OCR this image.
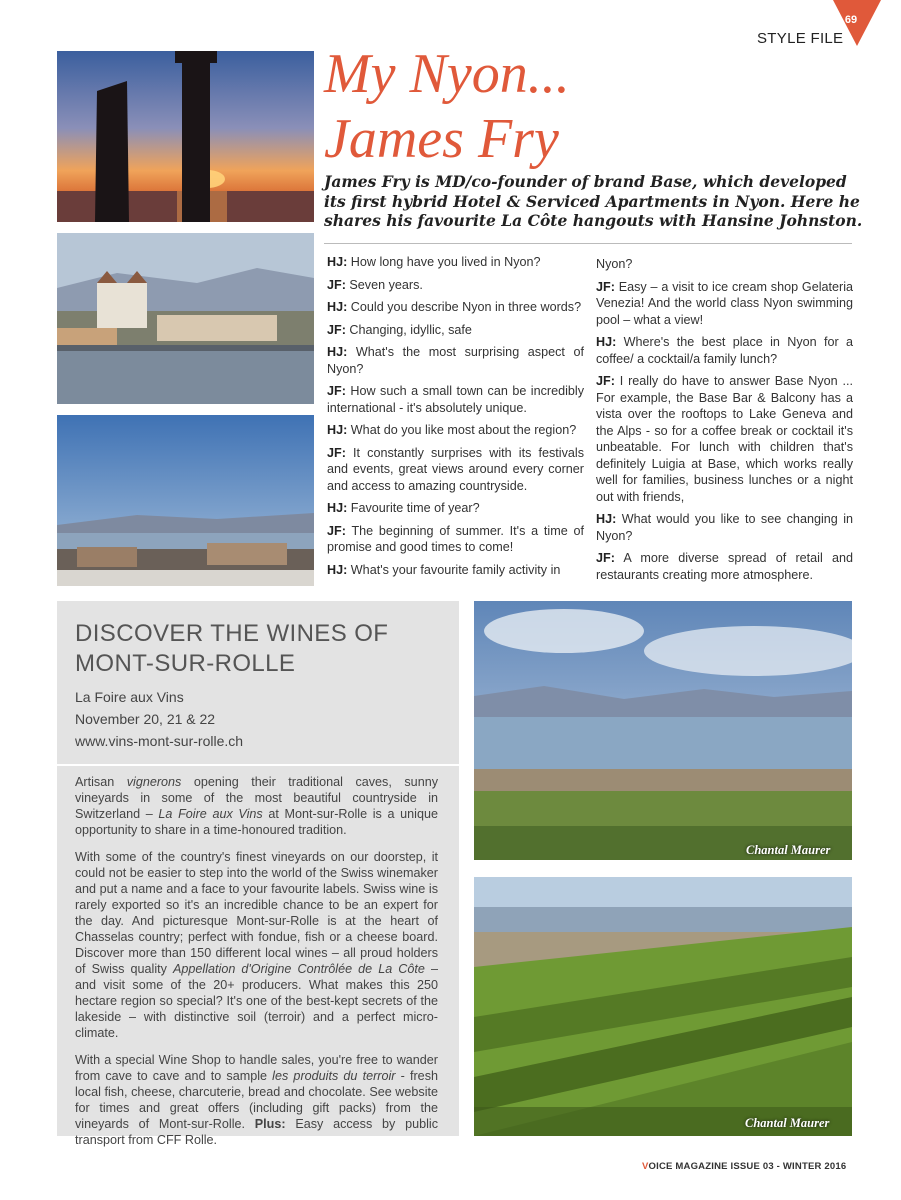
STYLE FILE
69
My Nyon...
James Fry
James Fry is MD/co-founder of brand Base, which developed its first hybrid Hotel & Serviced Apartments in Nyon. Here he shares his favourite La Côte hangouts with Hansine Johnston.

HJ: How long have you lived in Nyon?

JF: Seven years.

HJ: Could you describe Nyon in three words?

JF: Changing, idyllic, safe

HJ: What's the most surprising aspect of Nyon?

JF: How such a small town can be incredibly international - it's absolutely unique.

HJ: What do you like most about the region?

JF: It constantly surprises with its festivals and events, great views around every corner and access to amazing countryside.

HJ: Favourite time of year?

JF: The beginning of summer. It's a time of promise and good times to come!

HJ: What's your favourite family activity in

Nyon?

JF: Easy – a visit to ice cream shop Gelateria Venezia! And the world class Nyon swimming pool – what a view!

HJ: Where's the best place in Nyon for a coffee/ a cocktail/a family lunch?

JF: I really do have to answer Base Nyon ... For example, the Base Bar & Balcony has a vista over the rooftops to Lake Geneva and the Alps - so for a coffee break or cocktail it's unbeatable. For lunch with children that's definitely Luigia at Base, which works really well for families, business lunches or a night out with friends,

HJ: What would you like to see changing in Nyon?

JF: A more diverse spread of retail and restaurants creating more atmosphere.

DISCOVER THE WINES OF MONT-SUR-ROLLE
La Foire aux Vins
November 20, 21 & 22
www.vins-mont-sur-rolle.ch

Artisan vignerons opening their traditional caves, sunny vineyards in some of the most beautiful countryside in Switzerland – La Foire aux Vins at Mont-sur-Rolle is a unique opportunity to share in a time-honoured tradition.

With some of the country's finest vineyards on our doorstep, it could not be easier to step into the world of the Swiss winemaker and put a name and a face to your favourite labels. Swiss wine is rarely exported so it's an incredible chance to be an expert for the day. And picturesque Mont-sur-Rolle is at the heart of Chasselas country; perfect with fondue, fish or a cheese board. Discover more than 150 different local wines – all proud holders of Swiss quality Appellation d'Origine Contrôlée de La Côte – and visit some of the 20+ producers. What makes this 250 hectare region so special? It's one of the best-kept secrets of the lakeside – with distinctive soil (terroir) and a perfect micro-climate.

With a special Wine Shop to handle sales, you're free to wander from cave to cave and to sample les produits du terroir - fresh local fish, cheese, charcuterie, bread and chocolate. See website for times and great offers (including gift packs) from the vineyards of Mont-sur-Rolle. Plus: Easy access by public transport from CFF Rolle.

Chantal Maurer
Chantal Maurer
VOICE MAGAZINE ISSUE 03 - WINTER 2016
